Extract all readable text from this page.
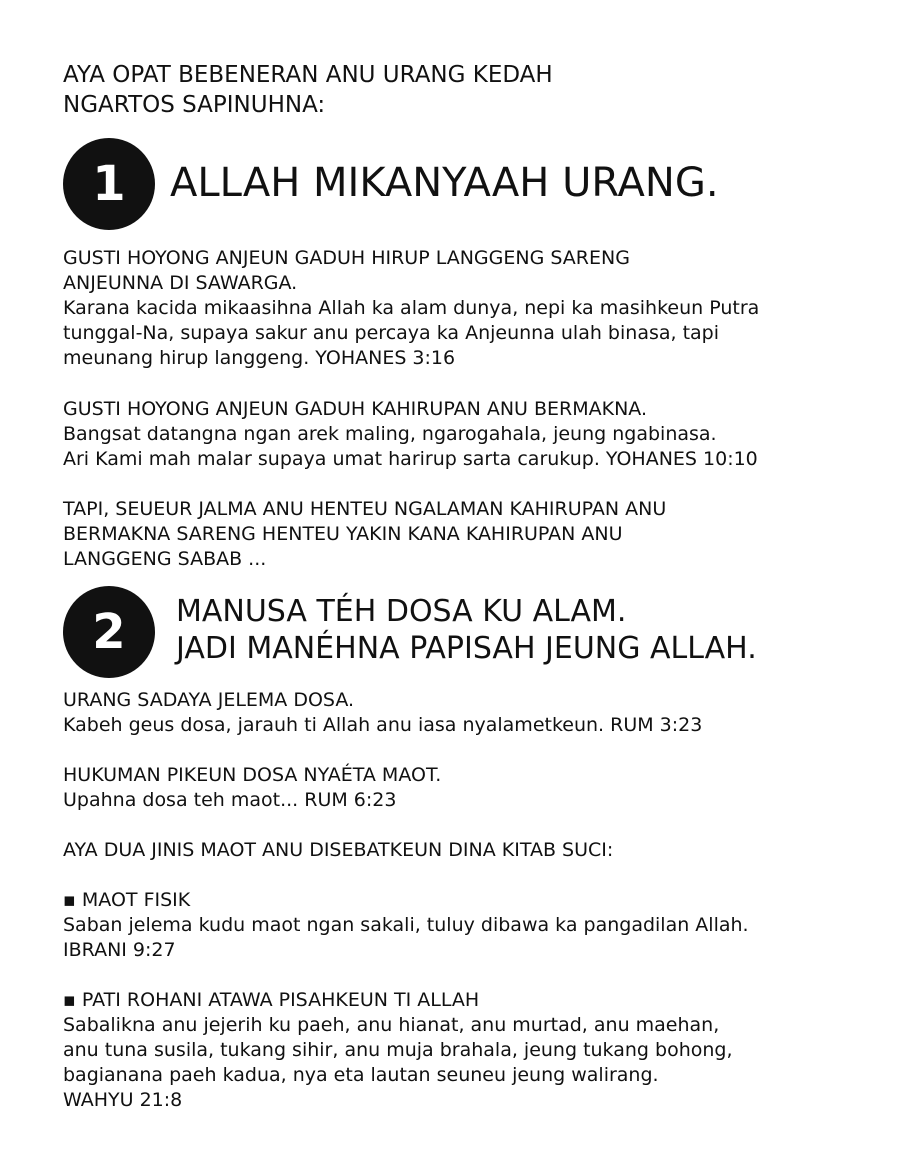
AYA OPAT BEBENERAN ANU URANG KEDAH
NGARTOS SAPINUHNA:
1 ALLAH MIKANYAAH URANG.
GUSTI HOYONG ANJEUN GADUH HIRUP LANGGENG SARENG
ANJEUNNA DI SAWARGA.
Karana kacida mikaasihna Allah ka alam dunya, nepi ka masihkeun Putra
tunggal-Na, supaya sakur anu percaya ka Anjeunna ulah binasa, tapi
meunang hirup langgeng. YOHANES 3:16
GUSTI HOYONG ANJEUN GADUH KAHIRUPAN ANU BERMAKNA.
Bangsat datangna ngan arek maling, ngarogahala, jeung ngabinasa.
Ari Kami mah malar supaya umat harirup sarta carukup. YOHANES 10:10
TAPI, SEUEUR JALMA ANU HENTEU NGALAMAN KAHIRUPAN ANU
BERMAKNA SARENG HENTEU YAKIN KANA KAHIRUPAN ANU
LANGGENG SABAB ...
2 MANUSA TÉH DOSA KU ALAM.
JADI MANÉHNA PAPISAH JEUNG ALLAH.
URANG SADAYA JELEMA DOSA.
Kabeh geus dosa, jarauh ti Allah anu iasa nyalametkeun. RUM 3:23
HUKUMAN PIKEUN DOSA NYAÉTA MAOT.
Upahna dosa teh maot... RUM 6:23
AYA DUA JINIS MAOT ANU DISEBATKEUN DINA KITAB SUCI:
▪ MAOT FISIK
Saban jelema kudu maot ngan sakali, tuluy dibawa ka pangadilan Allah.
IBRANI 9:27
▪ PATI ROHANI ATAWA PISAHKEUN TI ALLAH
Sabalikna anu jejerih ku paeh, anu hianat, anu murtad, anu maehan,
anu tuna susila, tukang sihir, anu muja brahala, jeung tukang bohong,
bagianana paeh kadua, nya eta lautan seuneu jeung walirang.
WAHYU 21:8
